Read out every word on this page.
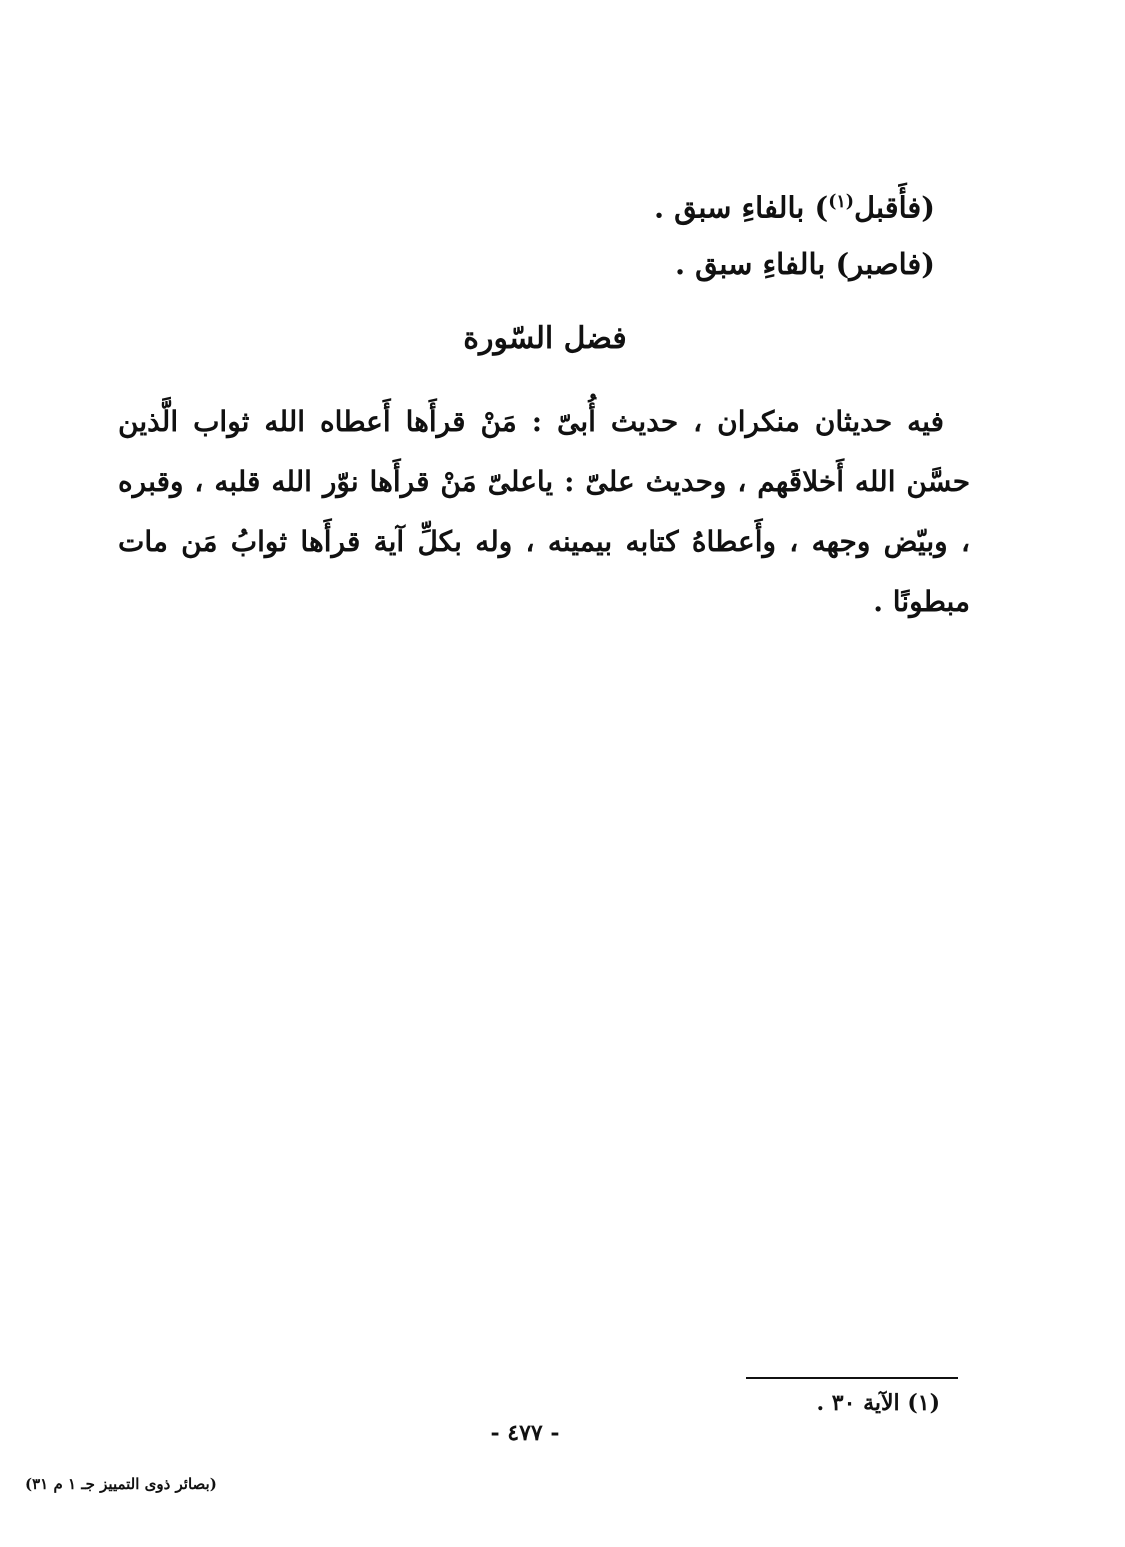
(فأَقبل$^{(١)}$) بالفاءِ سبق .
(فاصبر) بالفاءِ سبق .
فضل السّورة
فيه حديثان منكران ، حديث أُبىّ : مَنْ قرأَها أَعطاه الله ثواب الَّذين حسَّن الله أَخلاقَهم ، وحديث علىّ : ياعلىّ مَنْ قرأَها نوّر الله قلبه ، وقبره ، وبيّض وجهه ، وأَعطاهُ كتابه بيمينه ، وله بكلِّ آية قرأَها ثوابُ مَن مات مبطونًا .
(١) الآية ٣٠ .
- ٤٧٧ -
(بصائر ذوى التمييز جـ ١ م ٣١)
